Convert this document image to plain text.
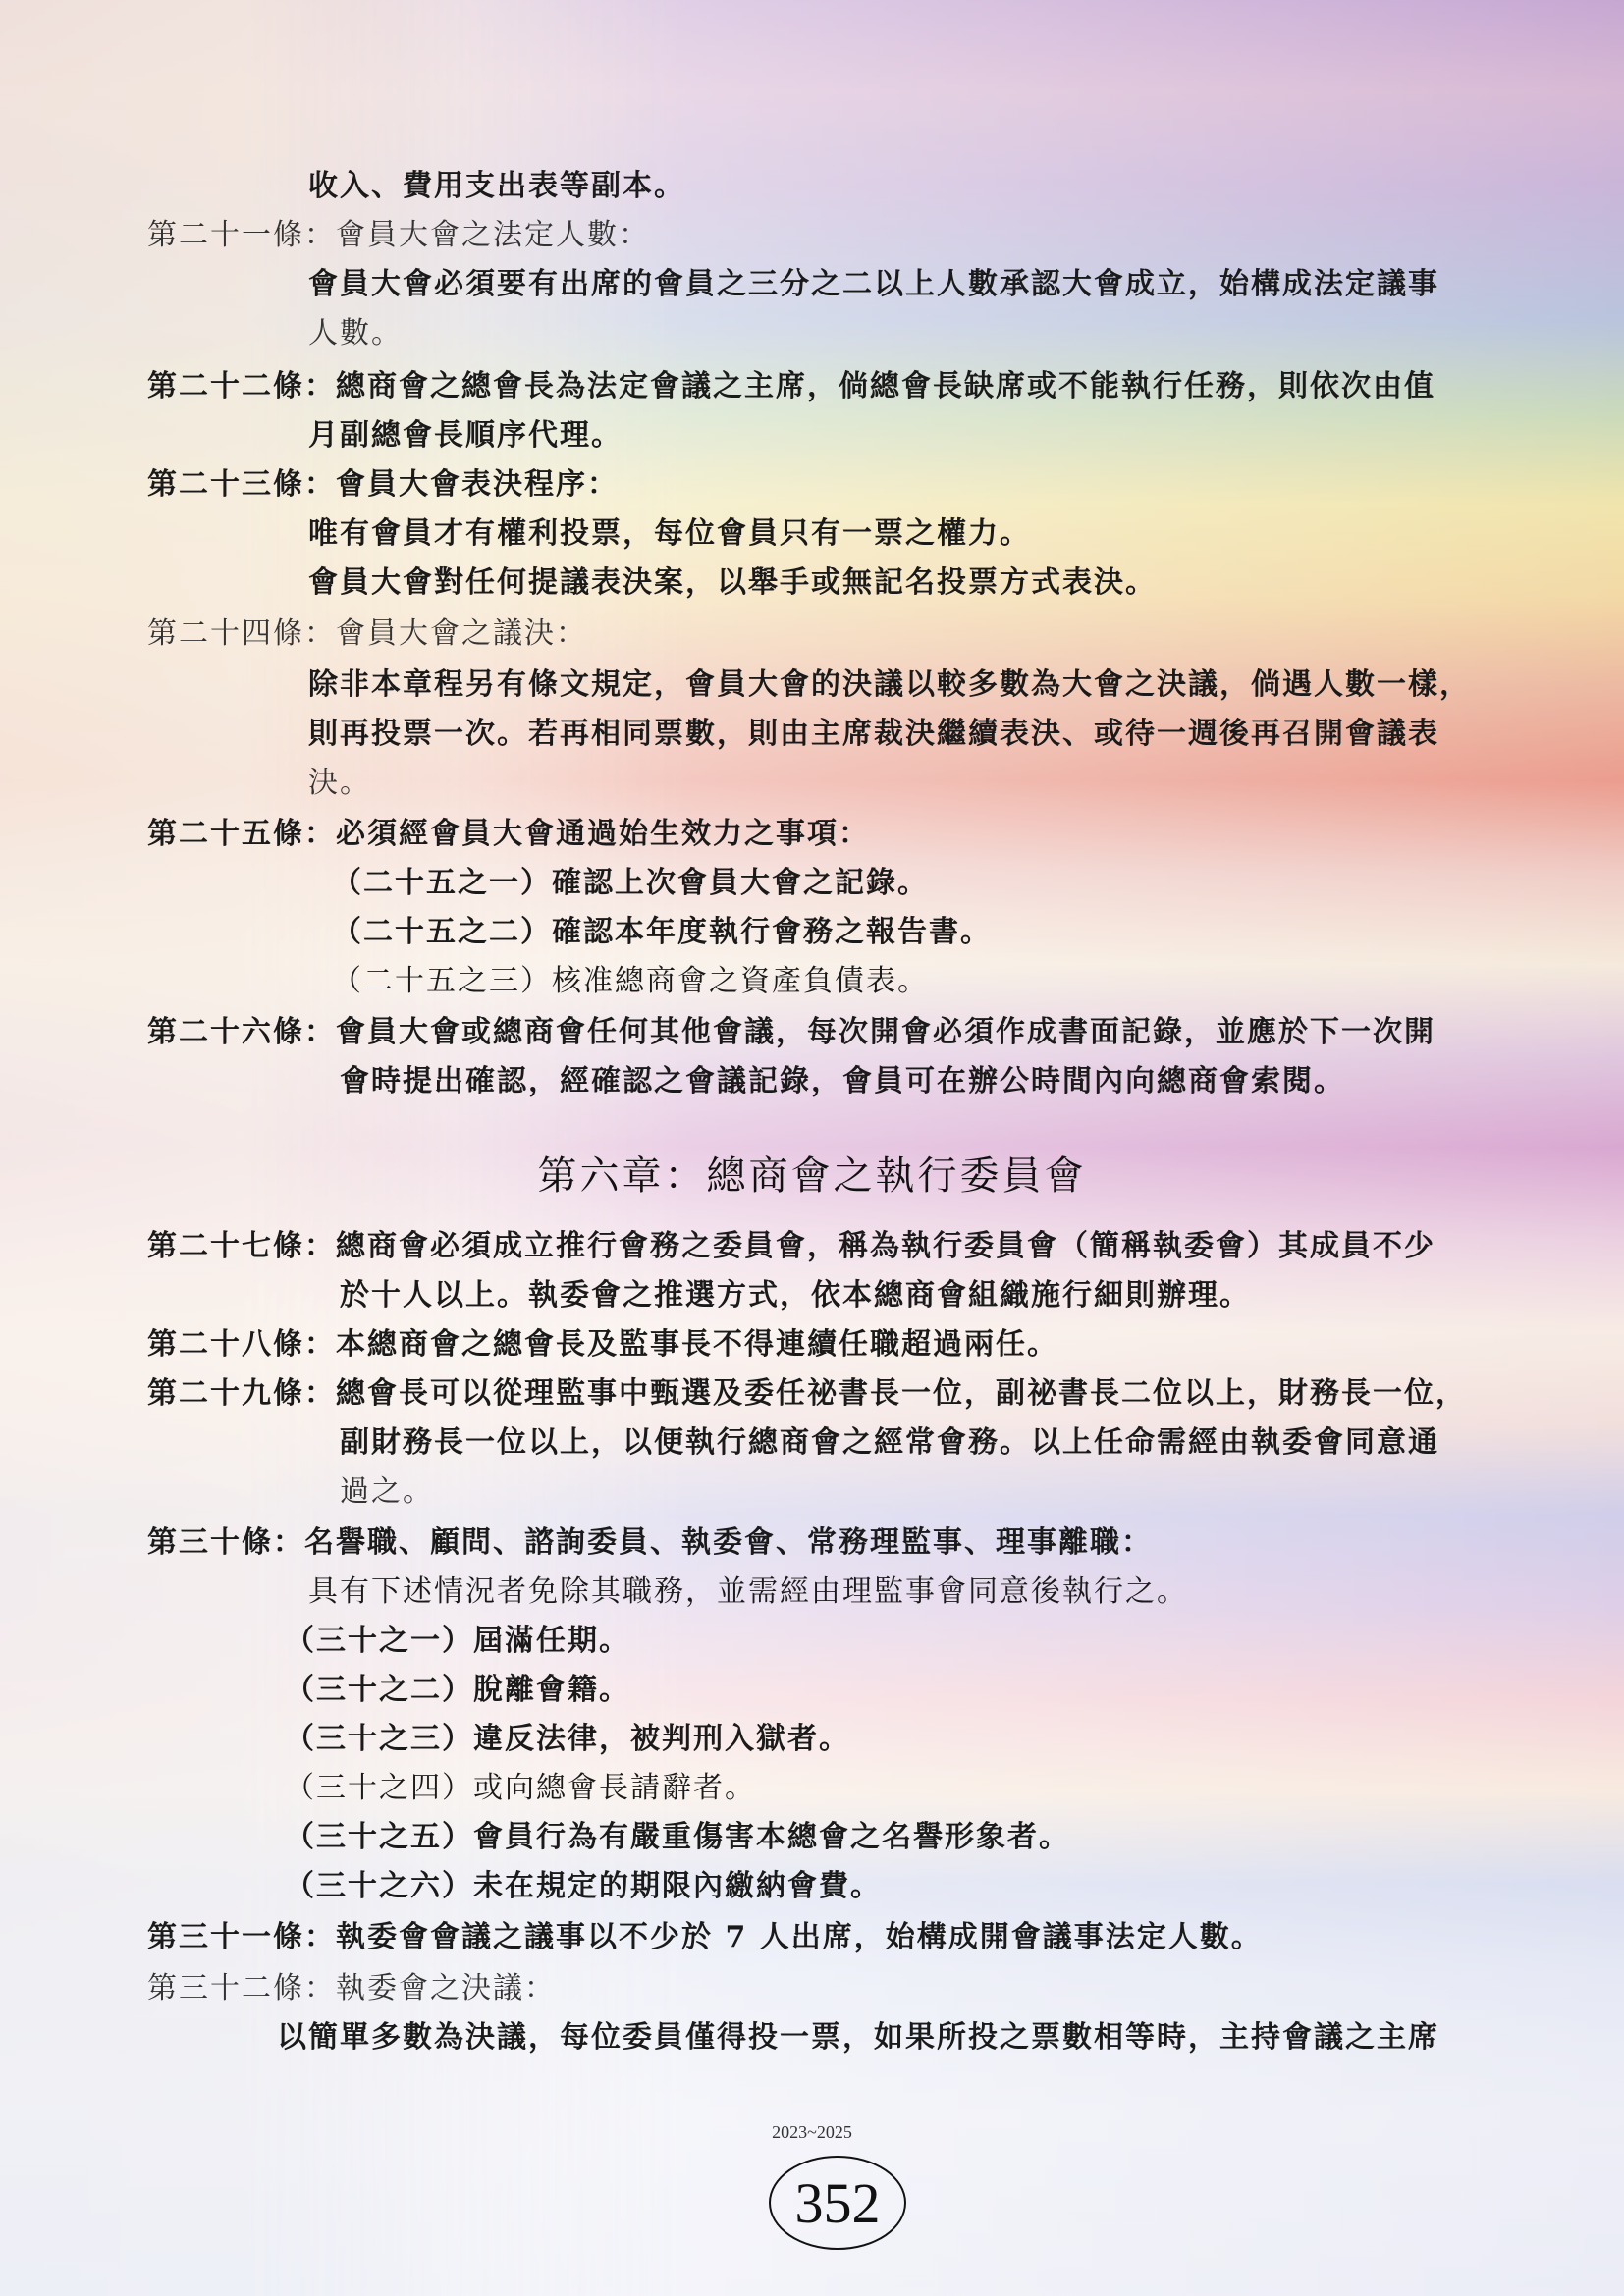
收入、費用支出表等副本。
第二十一條：會員大會之法定人數：
會員大會必須要有出席的會員之三分之二以上人數承認大會成立，始構成法定議事
人數。
第二十二條：總商會之總會長為法定會議之主席，倘總會長缺席或不能執行任務，則依次由值
月副總會長順序代理。
第二十三條：會員大會表決程序：
唯有會員才有權利投票，每位會員只有一票之權力。
會員大會對任何提議表決案，以舉手或無記名投票方式表決。
第二十四條：會員大會之議決：
除非本章程另有條文規定，會員大會的決議以較多數為大會之決議，倘遇人數一樣，
則再投票一次。若再相同票數，則由主席裁決繼續表決、或待一週後再召開會議表
決。
第二十五條：必須經會員大會通過始生效力之事項：
（二十五之一）確認上次會員大會之記錄。
（二十五之二）確認本年度執行會務之報告書。
（二十五之三）核准總商會之資產負債表。
第二十六條：會員大會或總商會任何其他會議，每次開會必須作成書面記錄，並應於下一次開
會時提出確認，經確認之會議記錄，會員可在辦公時間內向總商會索閱。
第六章：總商會之執行委員會
第二十七條：總商會必須成立推行會務之委員會，稱為執行委員會（簡稱執委會）其成員不少
於十人以上。執委會之推選方式，依本總商會組織施行細則辦理。
第二十八條：本總商會之總會長及監事長不得連續任職超過兩任。
第二十九條：總會長可以從理監事中甄選及委任祕書長一位，副祕書長二位以上，財務長一位，
副財務長一位以上，以便執行總商會之經常會務。以上任命需經由執委會同意通
過之。
第三十條：名譽職、顧問、諮詢委員、執委會、常務理監事、理事離職：
具有下述情況者免除其職務，並需經由理監事會同意後執行之。
（三十之一）屆滿任期。
（三十之二）脫離會籍。
（三十之三）違反法律，被判刑入獄者。
（三十之四）或向總會長請辭者。
（三十之五）會員行為有嚴重傷害本總會之名譽形象者。
（三十之六）未在規定的期限內繳納會費。
第三十一條：執委會會議之議事以不少於 7 人出席，始構成開會議事法定人數。
第三十二條：執委會之決議：
以簡單多數為決議，每位委員僅得投一票，如果所投之票數相等時，主持會議之主席
2023~2025
352
